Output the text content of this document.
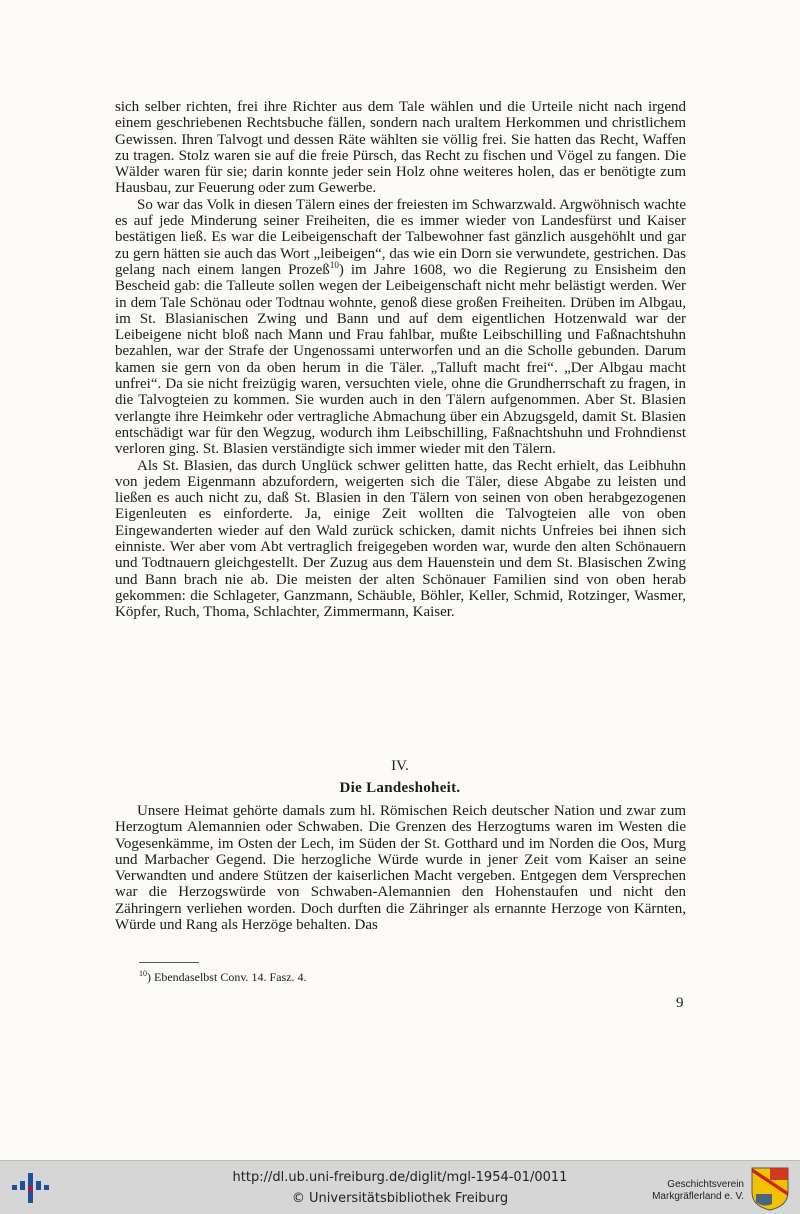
sich selber richten, frei ihre Richter aus dem Tale wählen und die Urteile nicht nach irgend einem geschriebenen Rechtsbuche fällen, sondern nach uraltem Herkommen und christlichem Gewissen. Ihren Talvogt und dessen Räte wählten sie völlig frei. Sie hatten das Recht, Waffen zu tragen. Stolz waren sie auf die freie Pürsch, das Recht zu fischen und Vögel zu fangen. Die Wälder waren für sie; darin konnte jeder sein Holz ohne weiteres holen, das er benötigte zum Hausbau, zur Feuerung oder zum Gewerbe.

So war das Volk in diesen Tälern eines der freiesten im Schwarzwald. Argwöhnisch wachte es auf jede Minderung seiner Freiheiten, die es immer wieder von Landesfürst und Kaiser bestätigen ließ. Es war die Leibeigenschaft der Talbewohner fast gänzlich ausgehöhlt und gar zu gern hätten sie auch das Wort „leibeigen“, das wie ein Dorn sie verwundete, gestrichen. Das gelang nach einem langen Prozeß$^{10}$) im Jahre 1608, wo die Regierung zu Ensisheim den Bescheid gab: die Talleute sollen wegen der Leibeigenschaft nicht mehr belästigt werden. Wer in dem Tale Schönau oder Todtnau wohnte, genoß diese großen Freiheiten. Drüben im Albgau, im St. Blasianischen Zwing und Bann und auf dem eigentlichen Hotzenwald war der Leibeigene nicht bloß nach Mann und Frau fahlbar, mußte Leibschilling und Faßnachtshuhn bezahlen, war der Strafe der Ungenossami unterworfen und an die Scholle gebunden. Darum kamen sie gern von da oben herum in die Täler. „Talluft macht frei“. „Der Albgau macht unfrei“. Da sie nicht freizügig waren, versuchten viele, ohne die Grundherrschaft zu fragen, in die Talvogteien zu kommen. Sie wurden auch in den Tälern aufgenommen. Aber St. Blasien verlangte ihre Heimkehr oder vertragliche Abmachung über ein Abzugsgeld, damit St. Blasien entschädigt war für den Wegzug, wodurch ihm Leibschilling, Faßnachtshuhn und Frohndienst verloren ging. St. Blasien verständigte sich immer wieder mit den Tälern.

Als St. Blasien, das durch Unglück schwer gelitten hatte, das Recht erhielt, das Leibhuhn von jedem Eigenmann abzufordern, weigerten sich die Täler, diese Abgabe zu leisten und ließen es auch nicht zu, daß St. Blasien in den Tälern von seinen von oben herabgezogenen Eigenleuten es einforderte. Ja, einige Zeit wollten die Talvogteien alle von oben Eingewanderten wieder auf den Wald zurück schicken, damit nichts Unfreies bei ihnen sich einniste. Wer aber vom Abt vertraglich freigegeben worden war, wurde den alten Schönauern und Todtnauern gleichgestellt. Der Zuzug aus dem Hauenstein und dem St. Blasischen Zwing und Bann brach nie ab. Die meisten der alten Schönauer Familien sind von oben herab gekommen: die Schlageter, Ganzmann, Schäuble, Böhler, Keller, Schmid, Rotzinger, Wasmer, Köpfer, Ruch, Thoma, Schlachter, Zimmermann, Kaiser.

IV.
Die Landeshoheit.

Unsere Heimat gehörte damals zum hl. Römischen Reich deutscher Nation und zwar zum Herzogtum Alemannien oder Schwaben. Die Grenzen des Herzogtums waren im Westen die Vogesenkämme, im Osten der Lech, im Süden der St. Gotthard und im Norden die Oos, Murg und Marbacher Gegend. Die herzogliche Würde wurde in jener Zeit vom Kaiser an seine Verwandten und andere Stützen der kaiserlichen Macht vergeben. Entgegen dem Versprechen war die Herzogswürde von Schwaben-Alemannien den Hohenstaufen und nicht den Zähringern verliehen worden. Doch durften die Zähringer als ernannte Herzoge von Kärnten, Würde und Rang als Herzöge behalten. Das

$^{10}$) Ebendaselbst Conv. 14. Fasz. 4.
9
http://dl.ub.uni-freiburg.de/diglit/mgl-1954-01/0011
© Universitätsbibliothek Freiburg
Geschichtsverein
Markgräflerland e. V.
